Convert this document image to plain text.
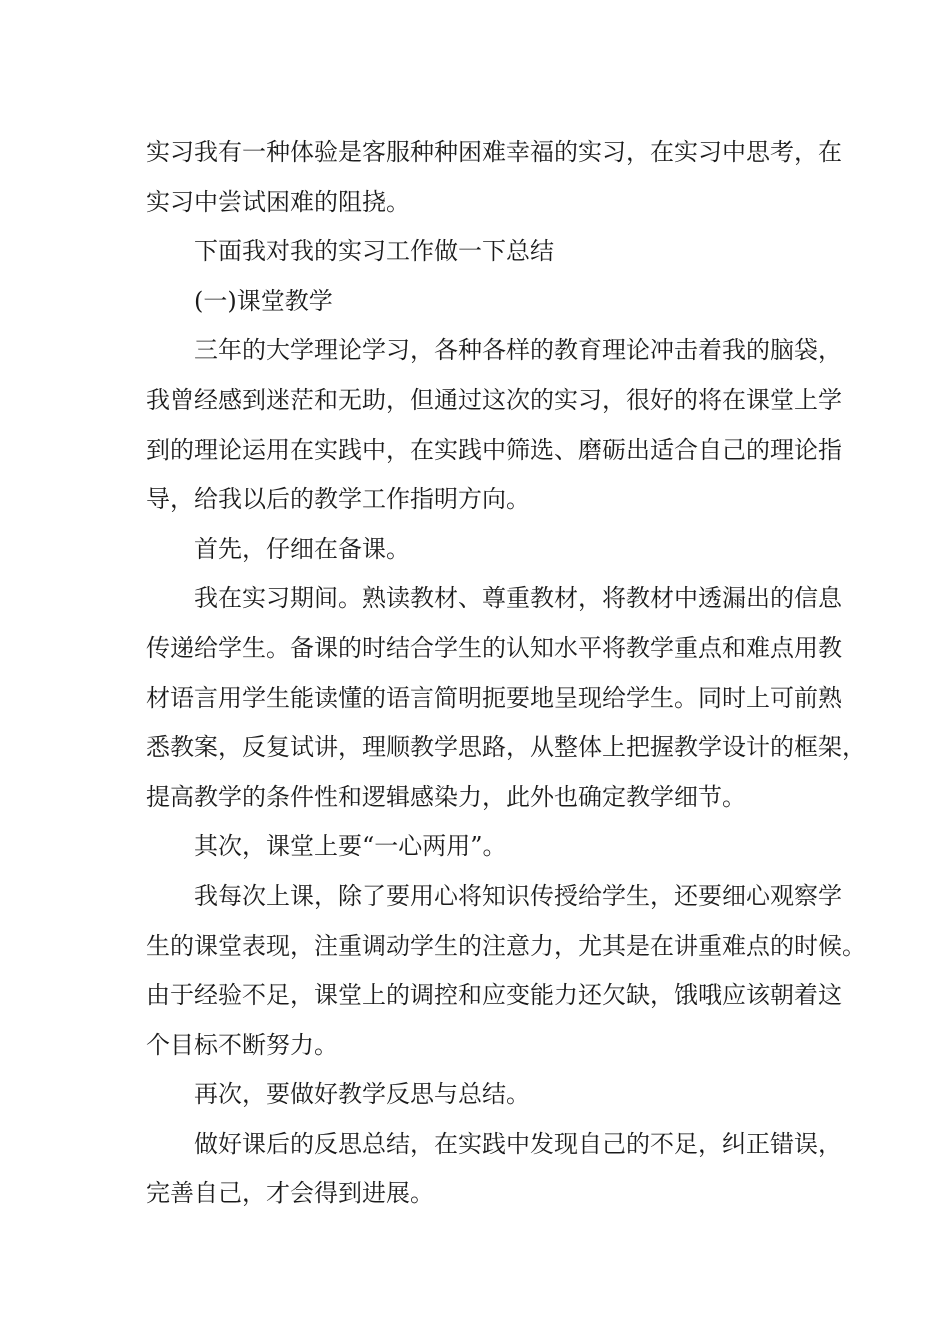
实习我有一种体验是客服种种困难幸福的实习，在实习中思考，在
实习中尝试困难的阻挠。
下面我对我的实习工作做一下总结
(一)课堂教学
三年的大学理论学习，各种各样的教育理论冲击着我的脑袋，
我曾经感到迷茫和无助，但通过这次的实习，很好的将在课堂上学
到的理论运用在实践中，在实践中筛选、磨砺出适合自己的理论指
导，给我以后的教学工作指明方向。
首先，仔细在备课。
我在实习期间。熟读教材、尊重教材，将教材中透漏出的信息
传递给学生。备课的时结合学生的认知水平将教学重点和难点用教
材语言用学生能读懂的语言简明扼要地呈现给学生。同时上可前熟
悉教案，反复试讲，理顺教学思路，从整体上把握教学设计的框架，
提高教学的条件性和逻辑感染力，此外也确定教学细节。
其次，课堂上要“一心两用”。
我每次上课，除了要用心将知识传授给学生，还要细心观察学
生的课堂表现，注重调动学生的注意力，尤其是在讲重难点的时候。
由于经验不足，课堂上的调控和应变能力还欠缺，饿哦应该朝着这
个目标不断努力。
再次，要做好教学反思与总结。
做好课后的反思总结，在实践中发现自己的不足，纠正错误，
完善自己，才会得到进展。
